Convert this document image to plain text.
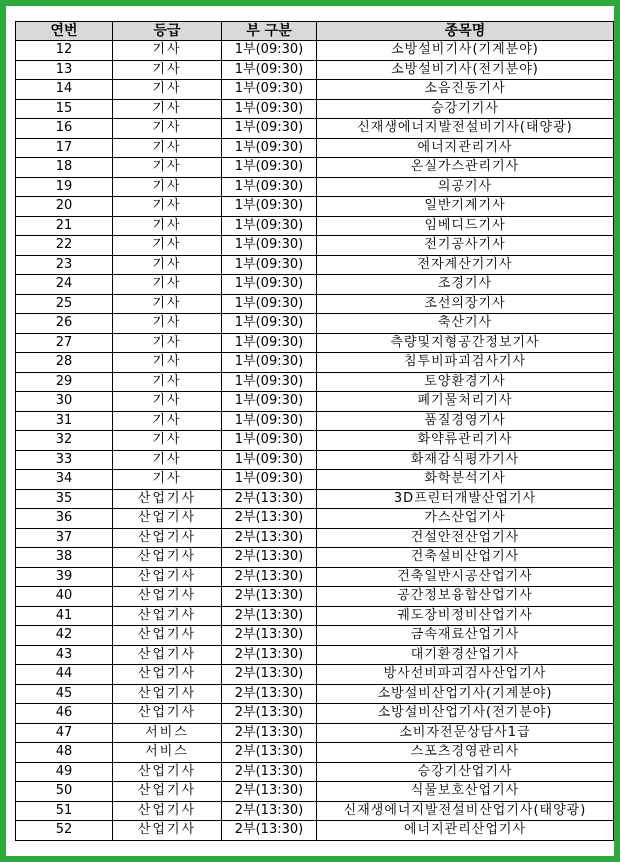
연번	등급	부 구분	종목명
12	기사	1부(09:30)	소방설비기사(기계분야)
13	기사	1부(09:30)	소방설비기사(전기분야)
14	기사	1부(09:30)	소음진동기사
15	기사	1부(09:30)	승강기기사
16	기사	1부(09:30)	신재생에너지발전설비기사(태양광)
17	기사	1부(09:30)	에너지관리기사
18	기사	1부(09:30)	온실가스관리기사
19	기사	1부(09:30)	의공기사
20	기사	1부(09:30)	일반기계기사
21	기사	1부(09:30)	임베디드기사
22	기사	1부(09:30)	전기공사기사
23	기사	1부(09:30)	전자계산기기사
24	기사	1부(09:30)	조경기사
25	기사	1부(09:30)	조선의장기사
26	기사	1부(09:30)	축산기사
27	기사	1부(09:30)	측량및지형공간정보기사
28	기사	1부(09:30)	침투비파괴검사기사
29	기사	1부(09:30)	토양환경기사
30	기사	1부(09:30)	폐기물처리기사
31	기사	1부(09:30)	품질경영기사
32	기사	1부(09:30)	화약류관리기사
33	기사	1부(09:30)	화재감식평가기사
34	기사	1부(09:30)	화학분석기사
35	산업기사	2부(13:30)	3D프린터개발산업기사
36	산업기사	2부(13:30)	가스산업기사
37	산업기사	2부(13:30)	건설안전산업기사
38	산업기사	2부(13:30)	건축설비산업기사
39	산업기사	2부(13:30)	건축일반시공산업기사
40	산업기사	2부(13:30)	공간정보융합산업기사
41	산업기사	2부(13:30)	궤도장비정비산업기사
42	산업기사	2부(13:30)	금속재료산업기사
43	산업기사	2부(13:30)	대기환경산업기사
44	산업기사	2부(13:30)	방사선비파괴검사산업기사
45	산업기사	2부(13:30)	소방설비산업기사(기계분야)
46	산업기사	2부(13:30)	소방설비산업기사(전기분야)
47	서비스	2부(13:30)	소비자전문상담사1급
48	서비스	2부(13:30)	스포츠경영관리사
49	산업기사	2부(13:30)	승강기산업기사
50	산업기사	2부(13:30)	식물보호산업기사
51	산업기사	2부(13:30)	신재생에너지발전설비산업기사(태양광)
52	산업기사	2부(13:30)	에너지관리산업기사
